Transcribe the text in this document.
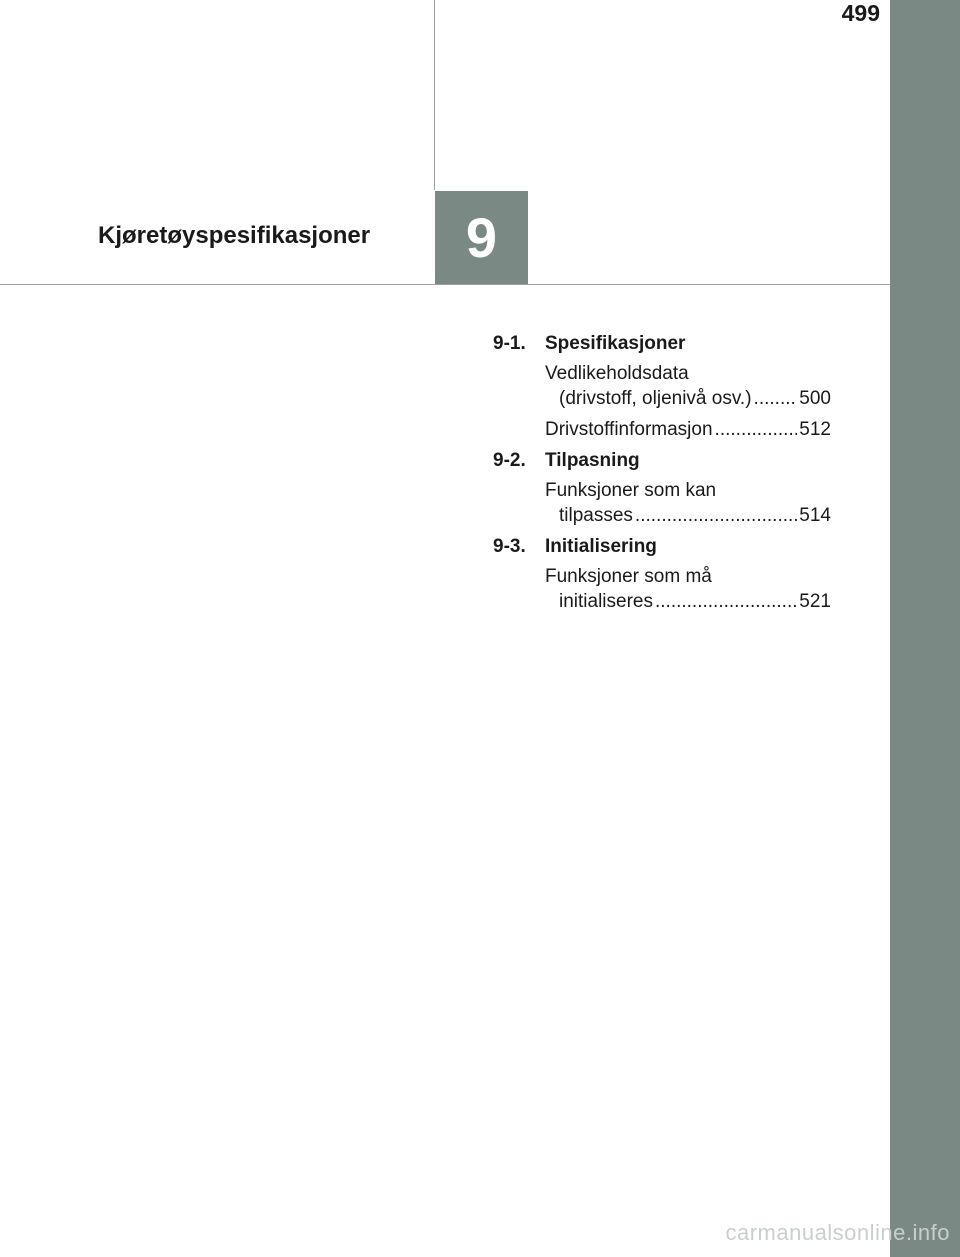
499
9
Kjøretøyspesifikasjoner
9-1.	Spesifikasjoner
Vedlikeholdsdata
(drivstoff, oljenivå osv.) .....	500
Drivstoffinformasjon .....	512
9-2.	Tilpasning
Funksjoner som kan
tilpasses .....	514
9-3.	Initialisering
Funksjoner som må
initialiseres .....	521
carmanualsonline.info
